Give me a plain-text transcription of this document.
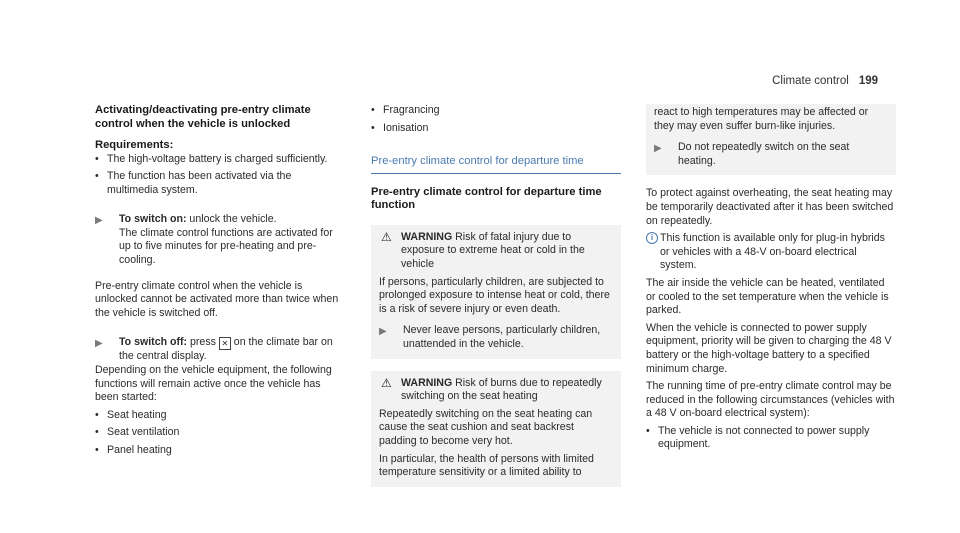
Climate control 199
Activating/deactivating pre-entry climate control when the vehicle is unlocked
Requirements:
• The high-voltage battery is charged sufficiently.
• The function has been activated via the multimedia system.
▶ To switch on: unlock the vehicle.
The climate control functions are activated for up to five minutes for pre-heating and pre-cooling.

Pre-entry climate control when the vehicle is unlocked cannot be activated more than twice when the vehicle is switched off.

▶ To switch off: press ✕ on the climate bar on the central display.

Depending on the vehicle equipment, the following functions will remain active once the vehicle has been started:

• Seat heating
• Seat ventilation
• Panel heating
• Fragrancing
• Ionisation
Pre-entry climate control for departure time
Pre-entry climate control for departure time function
⚠ WARNING Risk of fatal injury due to exposure to extreme heat or cold in the vehicle

If persons, particularly children, are subjected to prolonged exposure to intense heat or cold, there is a risk of severe injury or even death.

▶ Never leave persons, particularly children, unattended in the vehicle.
⚠ WARNING Risk of burns due to repeatedly switching on the seat heating

Repeatedly switching on the seat heating can cause the seat cushion and seat backrest padding to become very hot.

In particular, the health of persons with limited temperature sensitivity or a limited ability to

react to high temperatures may be affected or they may even suffer burn-like injuries.

▶ Do not repeatedly switch on the seat heating.

To protect against overheating, the seat heating may be temporarily deactivated after it has been switched on repeatedly.

i This function is available only for plug-in hybrids or vehicles with a 48-V on-board electrical system.

The air inside the vehicle can be heated, ventilated or cooled to the set temperature when the vehicle is parked.

When the vehicle is connected to power supply equipment, priority will be given to charging the 48 V battery or the high-voltage battery to a specified minimum charge.

The running time of pre-entry climate control may be reduced in the following circumstances (vehicles with a 48 V on-board electrical system):

• The vehicle is not connected to power supply equipment.
